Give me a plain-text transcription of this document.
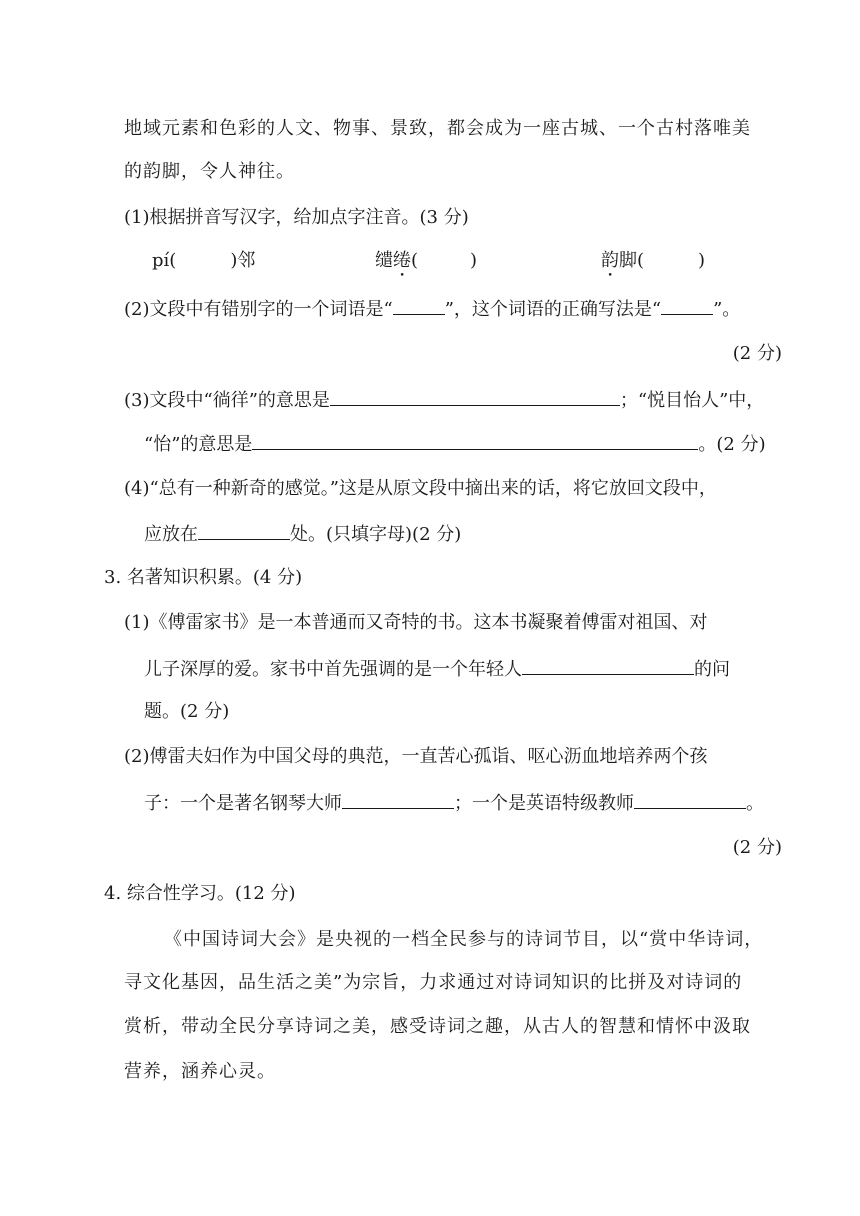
地域元素和色彩的人文、物事、景致，都会成为一座古城、一个古村落唯美
的韵脚，令人神往。
(1)根据拼音写汉字，给加点字注音。(3 分)
pí(	)邻	缱绻(	)	韵脚(	)
(2)文段中有错别字的一个词语是“	”，这个词语的正确写法是“	”。
(2 分)
(3)文段中“徜徉”的意思是	；“悦目怡人”中，
“怡”的意思是	。(2 分)
(4)“总有一种新奇的感觉。”这是从原文段中摘出来的话，将它放回文段中，
应放在	处。(只填字母)(2 分)
3. 名著知识积累。(4 分)
(1)《傅雷家书》是一本普通而又奇特的书。这本书凝聚着傅雷对祖国、对
儿子深厚的爱。家书中首先强调的是一个年轻人	的问
题。(2 分)
(2)傅雷夫妇作为中国父母的典范，一直苦心孤诣、呕心沥血地培养两个孩
子：一个是著名钢琴大师	；一个是英语特级教师	。
(2 分)
4. 综合性学习。(12 分)
《中国诗词大会》是央视的一档全民参与的诗词节目，以“赏中华诗词，
寻文化基因，品生活之美”为宗旨，力求通过对诗词知识的比拼及对诗词的
赏析，带动全民分享诗词之美，感受诗词之趣，从古人的智慧和情怀中汲取
营养，涵养心灵。
